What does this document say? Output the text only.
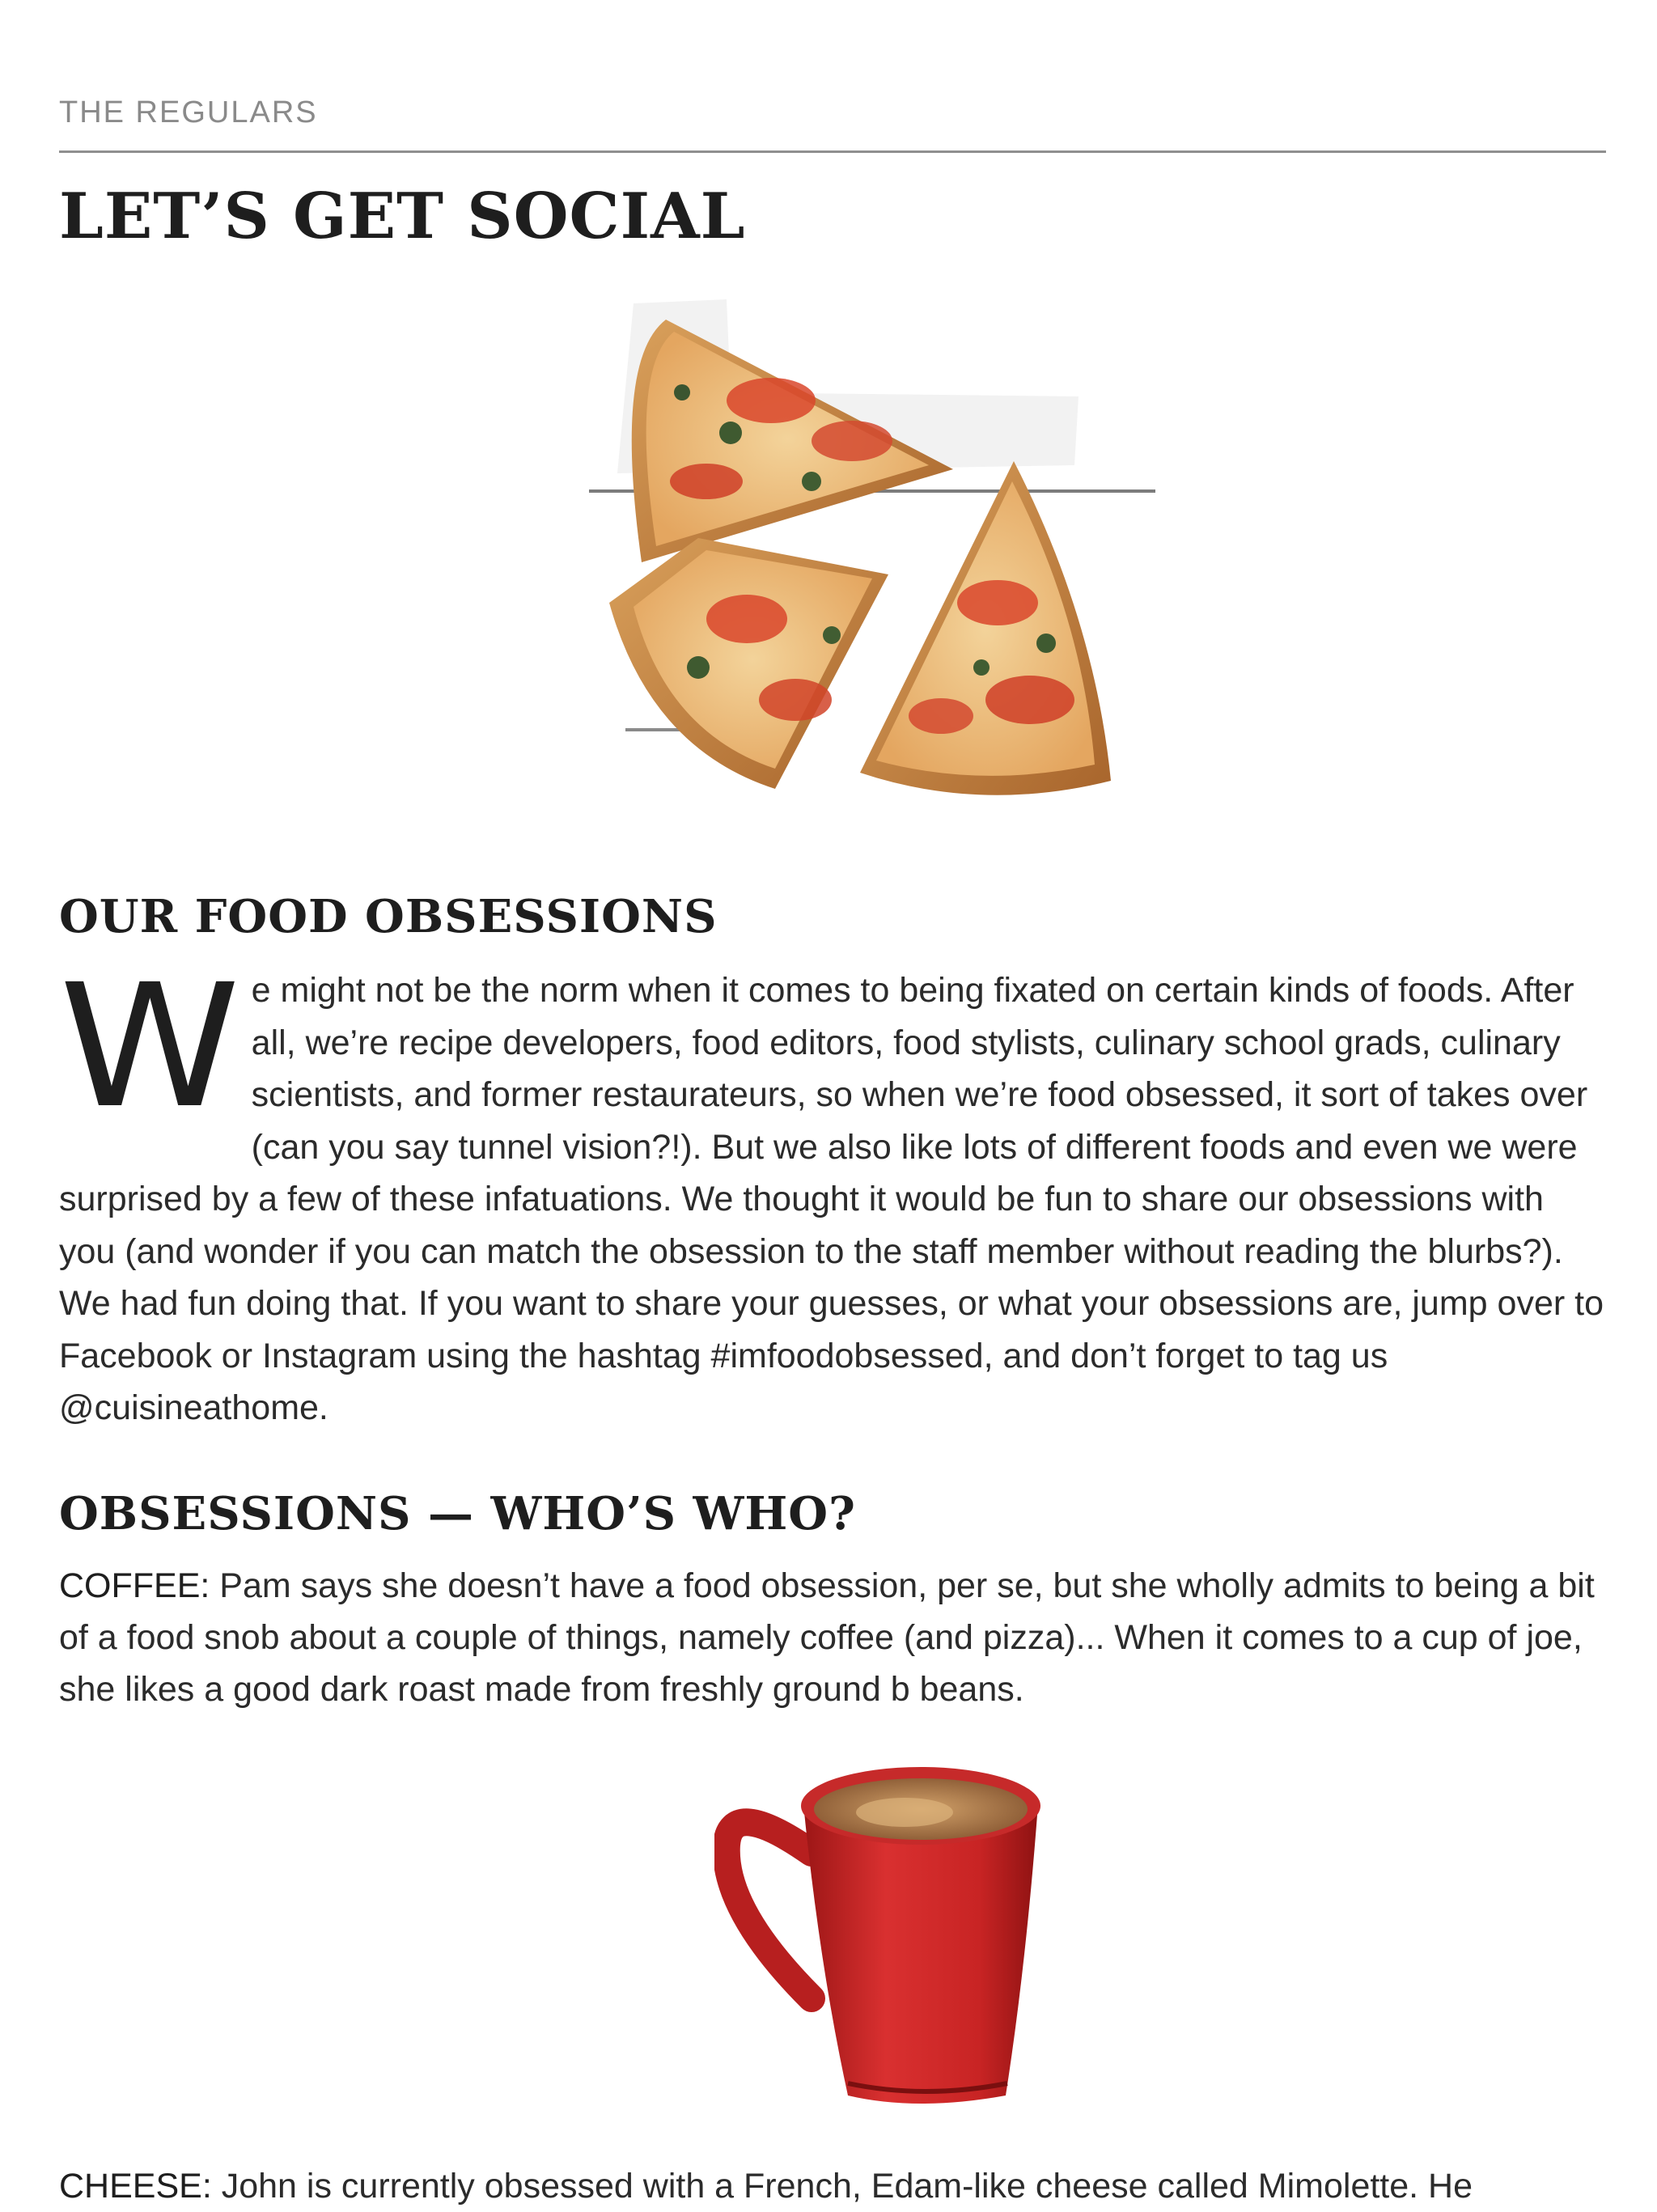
THE REGULARS
LET’S GET SOCIAL
OUR FOOD OBSESSIONS

We might not be the norm when it comes to being fixated on certain kinds of foods. After all, we’re recipe developers, food editors, food stylists, culinary school grads, culinary scientists, and former restaurateurs, so when we’re food obsessed, it sort of takes over (can you say tunnel vision?!). But we also like lots of different foods and even we were surprised by a few of these infatuations. We thought it would be fun to share our obsessions with you (and wonder if you can match the obsession to the staff member without reading the blurbs?). We had fun doing that. If you want to share your guesses, or what your obsessions are, jump over to Facebook or Instagram using the hashtag #imfoodobsessed, and don’t forget to tag us @cuisineathome.

OBSESSIONS — WHO’S WHO?

COFFEE: Pam says she doesn’t have a food obsession, per se, but she wholly admits to being a bit of a food snob about a couple of things, namely coffee (and pizza)... When it comes to a cup of joe, she likes a good dark roast made from freshly ground b beans.

CHEESE: John is currently obsessed with a French, Edam-like cheese called Mimolette. He
